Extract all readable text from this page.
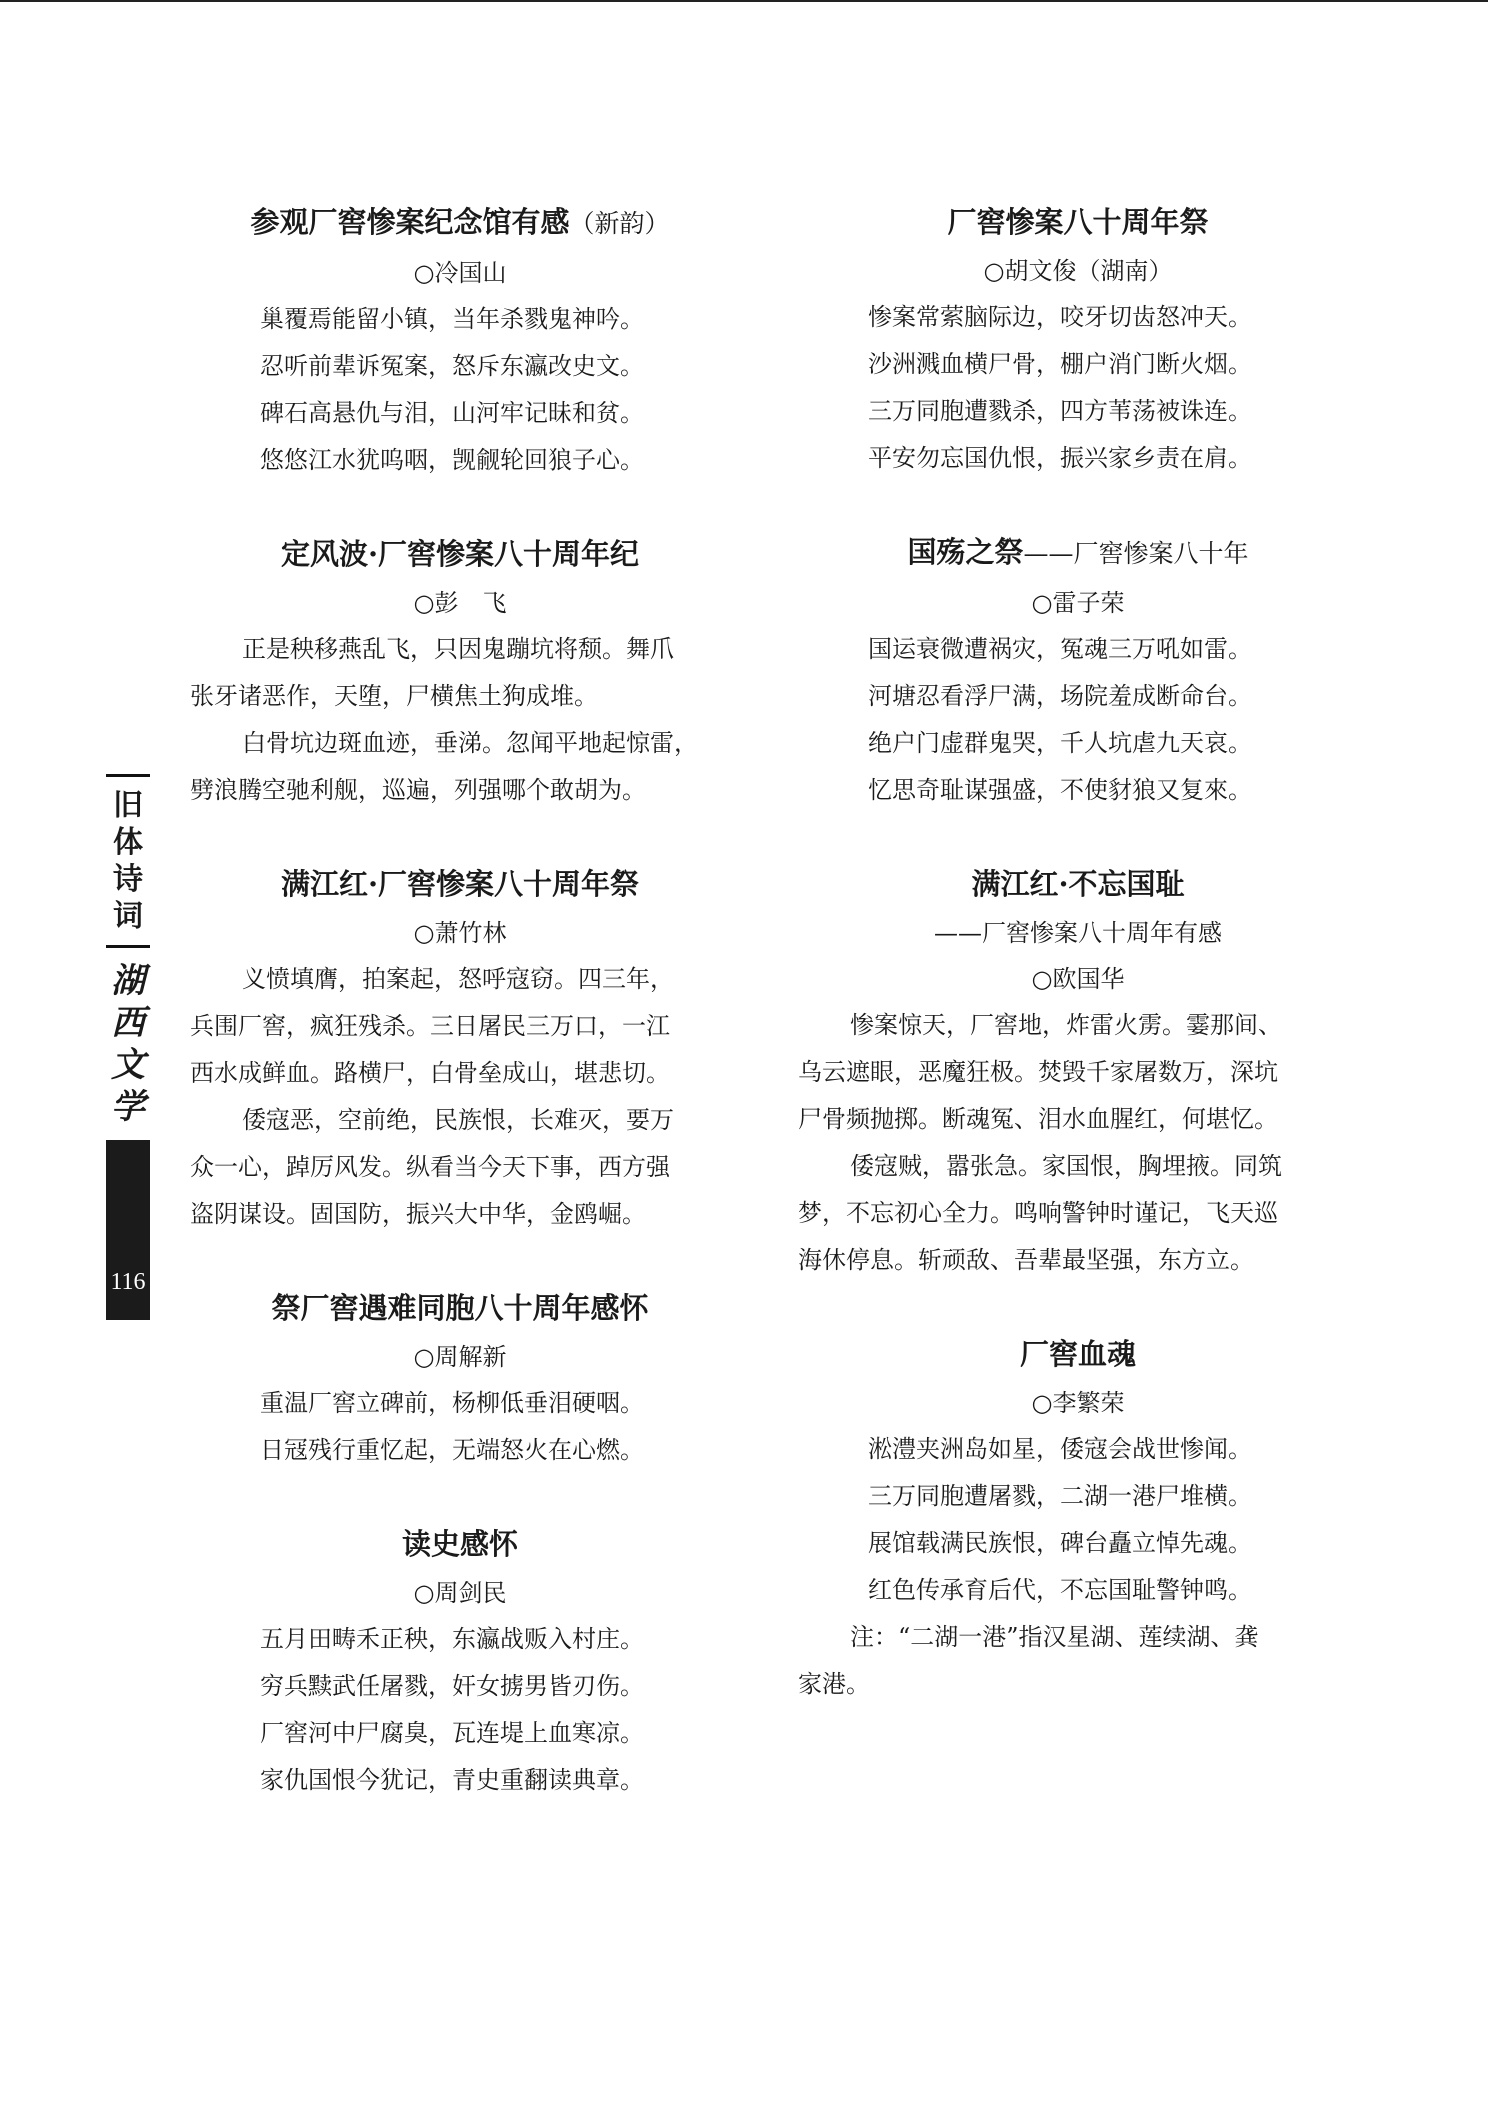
参观厂窖惨案纪念馆有感（新韵）
○冷国山
巢覆焉能留小镇，当年杀戮鬼神吟。
忍听前辈诉冤案，怒斥东瀛改史文。
碑石高悬仇与泪，山河牢记昧和贫。
悠悠江水犹呜咽，觊觎轮回狼子心。
定风波·厂窖惨案八十周年纪
○彭　飞
正是秧移燕乱飞，只因鬼蹦坑将颓。舞爪
张牙诸恶作，天堕，尸横焦土狗成堆。
白骨坑边斑血迹，垂涕。忽闻平地起惊雷，
劈浪腾空驰利舰，巡遍，列强哪个敢胡为。
满江红·厂窖惨案八十周年祭
○萧竹林
义愤填膺，拍案起，怒呼寇窃。四三年，
兵围厂窖，疯狂残杀。三日屠民三万口，一江
西水成鲜血。路横尸，白骨垒成山，堪悲切。
倭寇恶，空前绝，民族恨，长难灭，要万
众一心，踔厉风发。纵看当今天下事，西方强
盗阴谋设。固国防，振兴大中华，金鸥崛。
祭厂窖遇难同胞八十周年感怀
○周解新
重温厂窖立碑前，杨柳低垂泪硬咽。
日冦残行重忆起，无端怒火在心燃。
读史感怀
○周剑民
五月田畴禾正秧，东瀛战贩入村庄。
穷兵黩武任屠戮，奸女掳男皆刃伤。
厂窖河中尸腐臭，瓦连堤上血寒凉。
家仇国恨今犹记，青史重翻读典章。
厂窖惨案八十周年祭
○胡文俊（湖南）
惨案常萦脑际边，咬牙切齿怒冲天。
沙洲溅血横尸骨，棚户消门断火烟。
三万同胞遭戮杀，四方苇荡被诛连。
平安勿忘国仇恨，振兴家乡责在肩。
国殇之祭——厂窖惨案八十年
○雷子荣
国运衰微遭祸灾，冤魂三万吼如雷。
河塘忍看浮尸满，场院羞成断命台。
绝户门虚群鬼哭，千人坑虐九天哀。
忆思奇耻谋强盛，不使豺狼又复來。
满江红·不忘国耻
——厂窖惨案八十周年有感
○欧国华
惨案惊天，厂窖地，炸雷火雳。霎那间、
乌云遮眼，恶魔狂极。焚毁千家屠数万，深坑
尸骨频抛掷。断魂冤、泪水血腥红，何堪忆。
倭寇贼，嚣张急。家国恨，胸埋掖。同筑
梦，不忘初心全力。鸣响警钟时谨记，飞天巡
海休停息。斩顽敌、吾辈最坚强，东方立。
厂窖血魂
○李繁荣
淞澧夹洲岛如星，倭寇会战世惨闻。
三万同胞遭屠戮，二湖一港尸堆横。
展馆载满民族恨，碑台矗立悼先魂。
红色传承育后代，不忘国耻警钟鸣。
注：“二湖一港”指汉星湖、莲续湖、龚
家港。
旧
体
诗
词
湖
西
文
学
116
